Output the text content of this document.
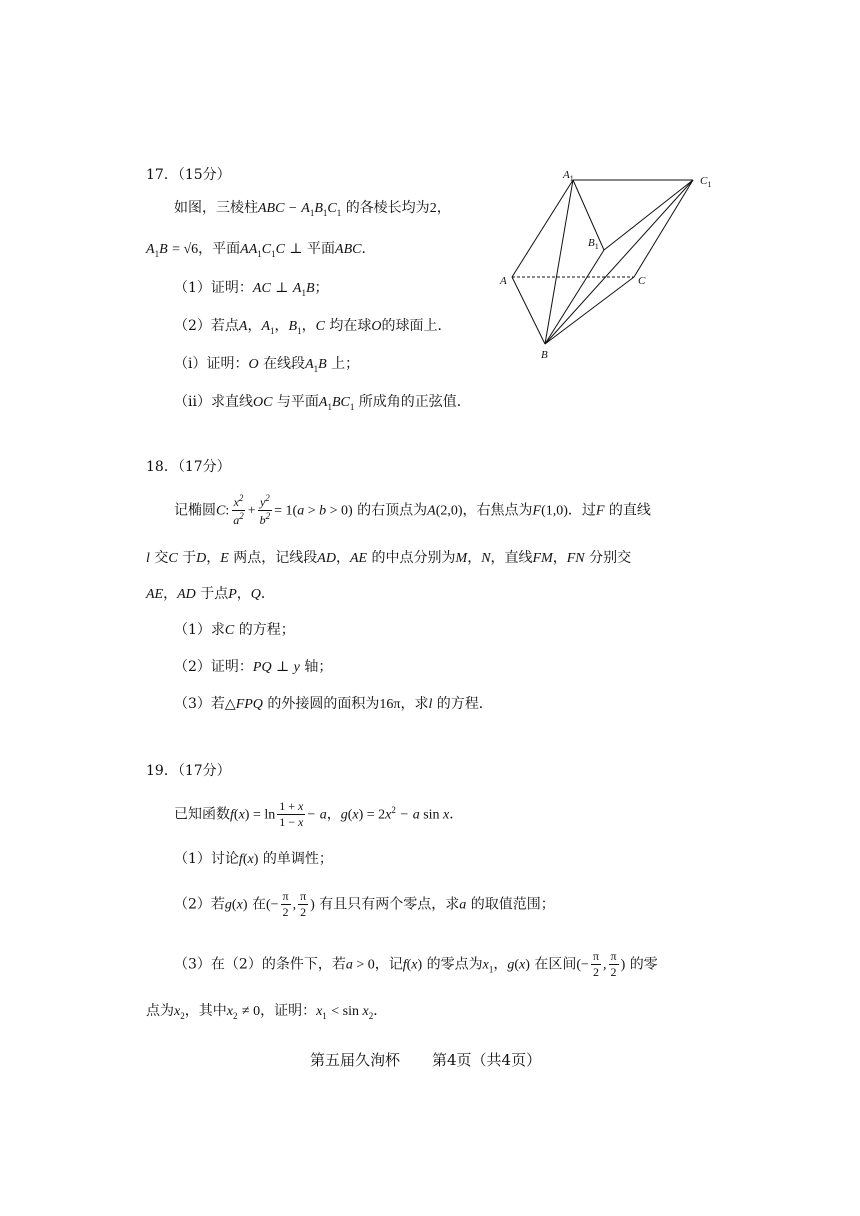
17．（15分）
如图，三棱柱ABC − $A_1B_1C_1$ 的各棱长均为2，
$A_1B = √6$，平面$AA_1C_1C$ ⊥ 平面ABC．
（1）证明：AC ⊥ $A_1B$；
（2）若点A，$A_1$，$B_1$，C 均在球O的球面上．
（i）证明：O 在线段$A_1B$ 上；
（ii）求直线OC 与平面$A_1BC_1$ 所成角的正弦值．
$A_1$	$C_1$
$B_1$
A	C
B
18．（17分）
记椭圆C: $\frac{x^2}{a^2} + \frac{y^2}{b^2} = 1(a > b > 0)$ 的右顶点为A(2,0)，右焦点为F(1,0)．过F 的直线
l 交C 于D，E 两点，记线段AD，AE 的中点分别为M，N，直线FM，FN 分别交
AE，AD 于点P，Q．
（1）求C 的方程；
（2）证明：PQ ⊥ y 轴；
（3）若△FPQ 的外接圆的面积为16π，求l 的方程．
19．（17分）
已知函数$f(x) = \ln \frac{1 + x}{1 - x} - a$，$g(x) = 2x^2 - a$ sin x．
（1）讨论f(x) 的单调性；
（2）若g(x) 在(− $\frac{\pi}{2}$ , $\frac{\pi}{2}$ ) 有且只有两个零点，求a 的取值范围；
（3）在（2）的条件下，若a > 0，记f(x) 的零点为$x_1$，g(x) 在区间(− $\frac{\pi}{2}$ , $\frac{\pi}{2}$ ) 的零
点为$x_2$，其中$x_2 \ne 0$，证明：$x_1 < \sin x_2$．
第五届久洵杯 第4页（共4页）
